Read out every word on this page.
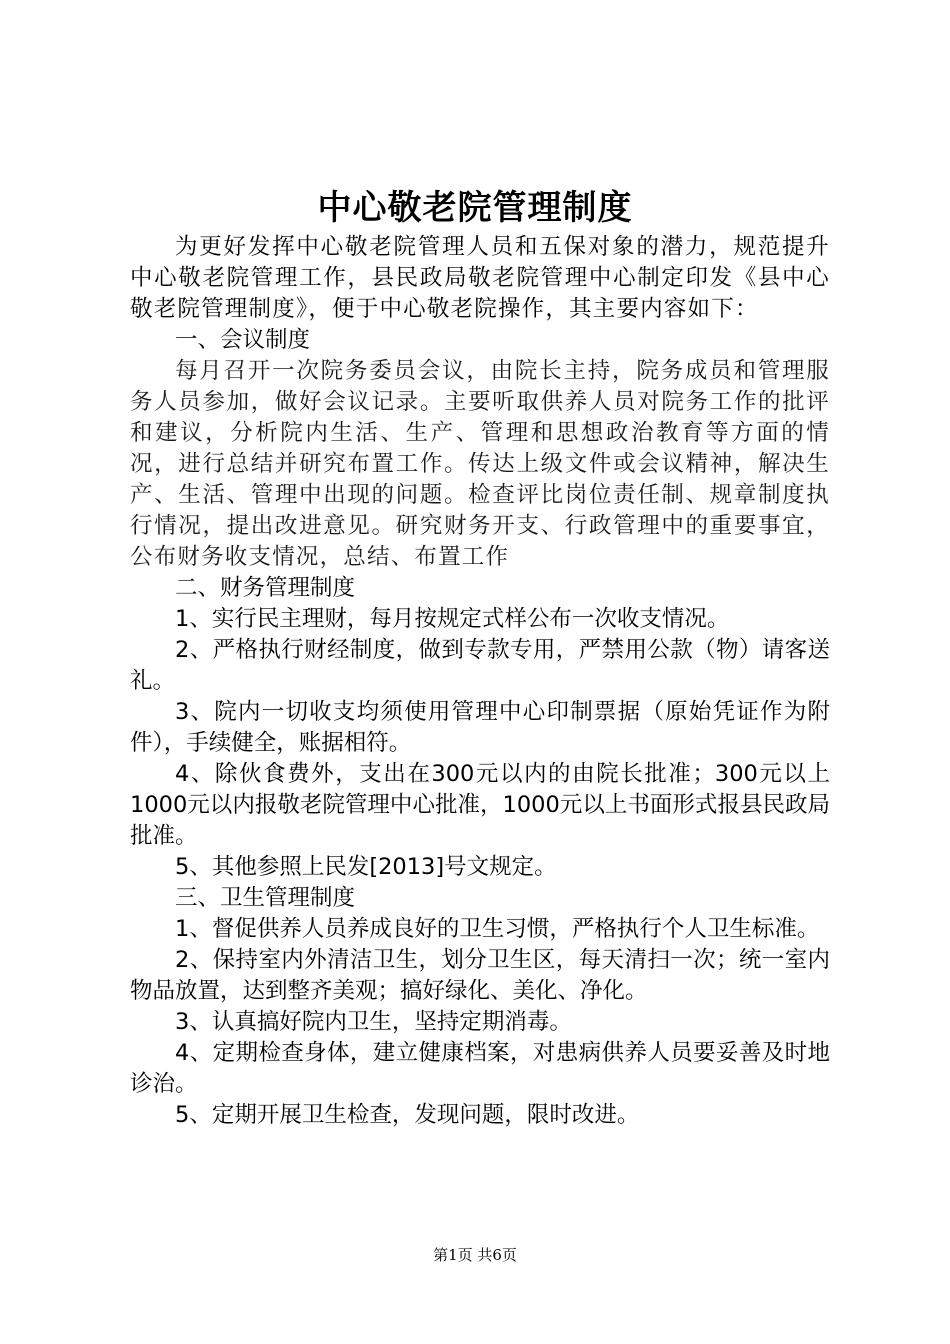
中心敬老院管理制度

为更好发挥中心敬老院管理人员和五保对象的潜力，规范提升中心敬老院管理工作，县民政局敬老院管理中心制定印发《县中心敬老院管理制度》，便于中心敬老院操作，其主要内容如下：

一、会议制度

每月召开一次院务委员会议，由院长主持，院务成员和管理服务人员参加，做好会议记录。主要听取供养人员对院务工作的批评和建议，分析院内生活、生产、管理和思想政治教育等方面的情况，进行总结并研究布置工作。传达上级文件或会议精神，解决生产、生活、管理中出现的问题。检查评比岗位责任制、规章制度执行情况，提出改进意见。研究财务开支、行政管理中的重要事宜，公布财务收支情况，总结、布置工作

二、财务管理制度

1、实行民主理财，每月按规定式样公布一次收支情况。

2、严格执行财经制度，做到专款专用，严禁用公款（物）请客送礼。

3、院内一切收支均须使用管理中心印制票据（原始凭证作为附件），手续健全，账据相符。

4、除伙食费外，支出在300元以内的由院长批准；300元以上1000元以内报敬老院管理中心批准，1000元以上书面形式报县民政局批准。

5、其他参照上民发[2013]号文规定。

三、卫生管理制度

1、督促供养人员养成良好的卫生习惯，严格执行个人卫生标准。

2、保持室内外清洁卫生，划分卫生区，每天清扫一次；统一室内物品放置，达到整齐美观；搞好绿化、美化、净化。

3、认真搞好院内卫生，坚持定期消毒。

4、定期检查身体，建立健康档案，对患病供养人员要妥善及时地诊治。

5、定期开展卫生检查，发现问题，限时改进。

第1页 共6页
